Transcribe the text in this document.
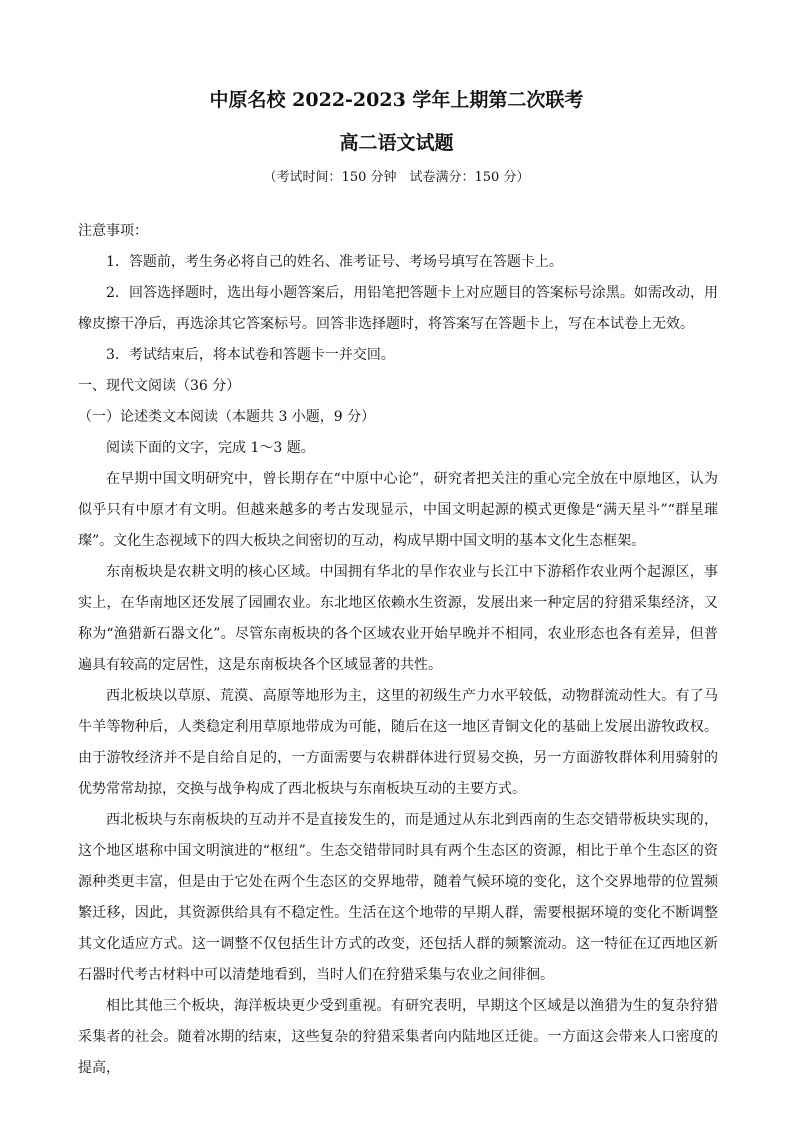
中原名校 2022-2023 学年上期第二次联考
高二语文试题
（考试时间：150 分钟　试卷满分：150 分）

注意事项：

1．答题前，考生务必将自己的姓名、准考证号、考场号填写在答题卡上。

2．回答选择题时，选出每小题答案后，用铅笔把答题卡上对应题目的答案标号涂黑。如需改动，用橡皮擦干净后，再选涂其它答案标号。回答非选择题时，将答案写在答题卡上，写在本试卷上无效。

3．考试结束后，将本试卷和答题卡一并交回。

一、现代文阅读（36 分）

（一）论述类文本阅读（本题共 3 小题，9 分）

阅读下面的文字，完成 1～3 题。

在早期中国文明研究中，曾长期存在“中原中心论”，研究者把关注的重心完全放在中原地区，认为似乎只有中原才有文明。但越来越多的考古发现显示，中国文明起源的模式更像是“满天星斗”“群星璀璨”。文化生态视域下的四大板块之间密切的互动，构成早期中国文明的基本文化生态框架。

东南板块是农耕文明的核心区域。中国拥有华北的旱作农业与长江中下游稻作农业两个起源区，事实上，在华南地区还发展了园圃农业。东北地区依赖水生资源，发展出来一种定居的狩猎采集经济，又称为“渔猎新石器文化”。尽管东南板块的各个区域农业开始早晚并不相同，农业形态也各有差异，但普遍具有较高的定居性，这是东南板块各个区域显著的共性。

西北板块以草原、荒漠、高原等地形为主，这里的初级生产力水平较低，动物群流动性大。有了马牛羊等物种后，人类稳定利用草原地带成为可能，随后在这一地区青铜文化的基础上发展出游牧政权。由于游牧经济并不是自给自足的，一方面需要与农耕群体进行贸易交换，另一方面游牧群体利用骑射的优势常常劫掠，交换与战争构成了西北板块与东南板块互动的主要方式。

西北板块与东南板块的互动并不是直接发生的，而是通过从东北到西南的生态交错带板块实现的，这个地区堪称中国文明演进的“枢纽”。生态交错带同时具有两个生态区的资源，相比于单个生态区的资源种类更丰富，但是由于它处在两个生态区的交界地带，随着气候环境的变化，这个交界地带的位置频繁迁移，因此，其资源供给具有不稳定性。生活在这个地带的早期人群，需要根据环境的变化不断调整其文化适应方式。这一调整不仅包括生计方式的改变，还包括人群的频繁流动。这一特征在辽西地区新石器时代考古材料中可以清楚地看到，当时人们在狩猎采集与农业之间徘徊。

相比其他三个板块，海洋板块更少受到重视。有研究表明，早期这个区域是以渔猎为生的复杂狩猎采集者的社会。随着冰期的结束，这些复杂的狩猎采集者向内陆地区迁徙。一方面这会带来人口密度的提高，
